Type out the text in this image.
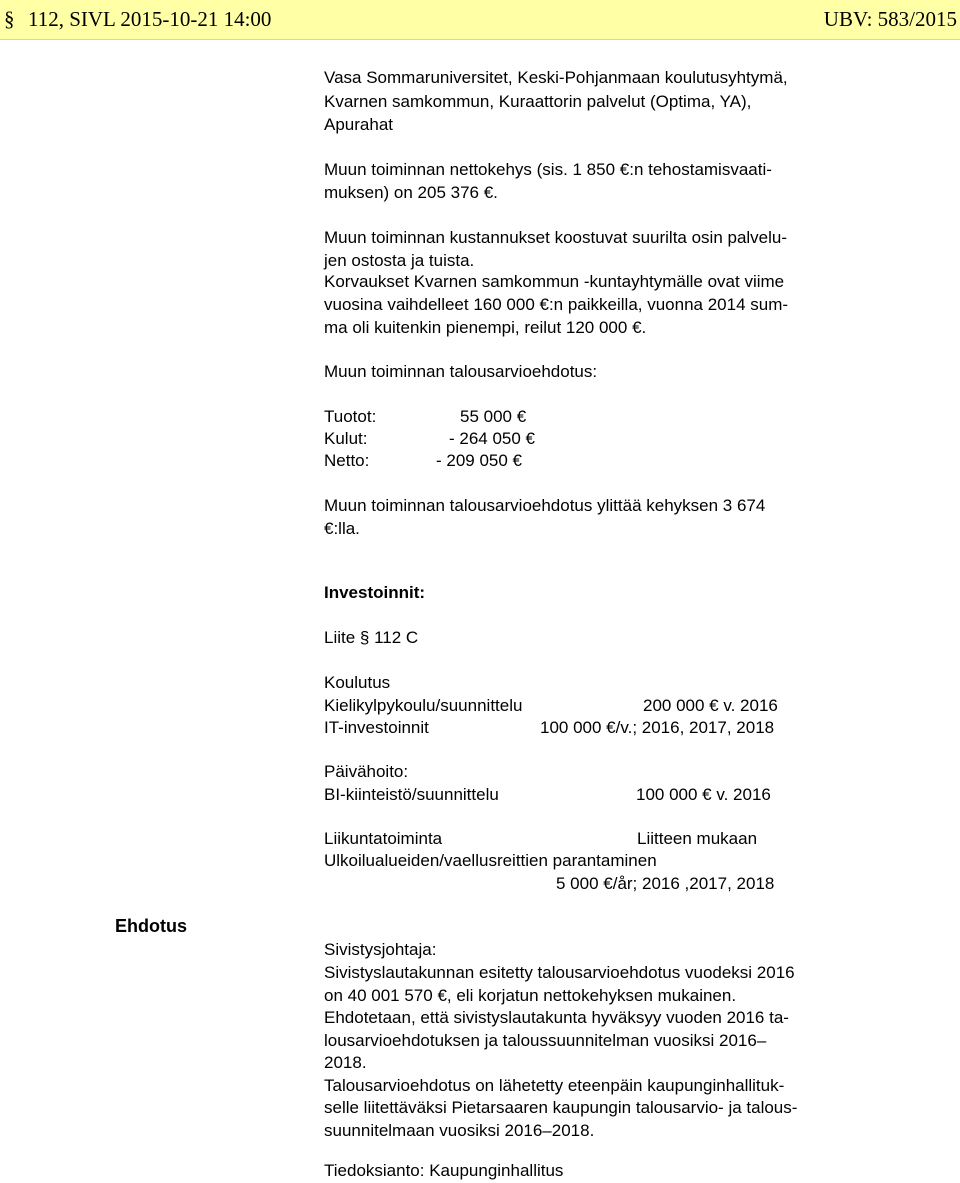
§ 112, SIVL 2015-10-21 14:00	UBV: 583/2015
Vasa Sommaruniversitet, Keski-Pohjanmaan koulutusyhtymä,
Kvarnen samkommun, Kuraattorin palvelut (Optima, YA),
Apurahat
Muun toiminnan nettokehys (sis. 1 850 €:n tehostamisvaati-
muksen) on 205 376 €.
Muun toiminnan kustannukset koostuvat suurilta osin palvelu-
jen ostosta ja tuista.
Korvaukset Kvarnen samkommun -kuntayhtymälle ovat viime
vuosina vaihdelleet 160 000 €:n paikkeilla, vuonna 2014 sum-
ma oli kuitenkin pienempi, reilut 120 000 €.
Muun toiminnan talousarvioehdotus:
Tuotot:	55 000 €
Kulut:	- 264 050 €
Netto:	- 209 050 €
Muun toiminnan talousarvioehdotus ylittää kehyksen 3 674
€:lla.
Investoinnit:
Liite § 112 C
Koulutus
Kielikylpykoulu/suunnittelu	200 000 € v. 2016
IT-investoinnit	100 000 €/v.; 2016, 2017, 2018
Päivähoito:
BI-kiinteistö/suunnittelu	100 000 € v. 2016
Liikuntatoiminta	Liitteen mukaan
Ulkoilualueiden/vaellusreittien parantaminen
5 000 €/år; 2016 ,2017, 2018
Ehdotus
Sivistysjohtaja:
Sivistyslautakunnan esitetty talousarvioehdotus vuodeksi 2016
on 40 001 570 €, eli korjatun nettokehyksen mukainen.
Ehdotetaan, että sivistyslautakunta hyväksyy vuoden 2016 ta-
lousarvioehdotuksen ja taloussuunnitelman vuosiksi 2016–
2018.
Talousarvioehdotus on lähetetty eteenpäin kaupunginhallituk-
selle liitettäväksi Pietarsaaren kaupungin talousarvio- ja talous-
suunnitelmaan vuosiksi 2016–2018.
Tiedoksianto: Kaupunginhallitus
